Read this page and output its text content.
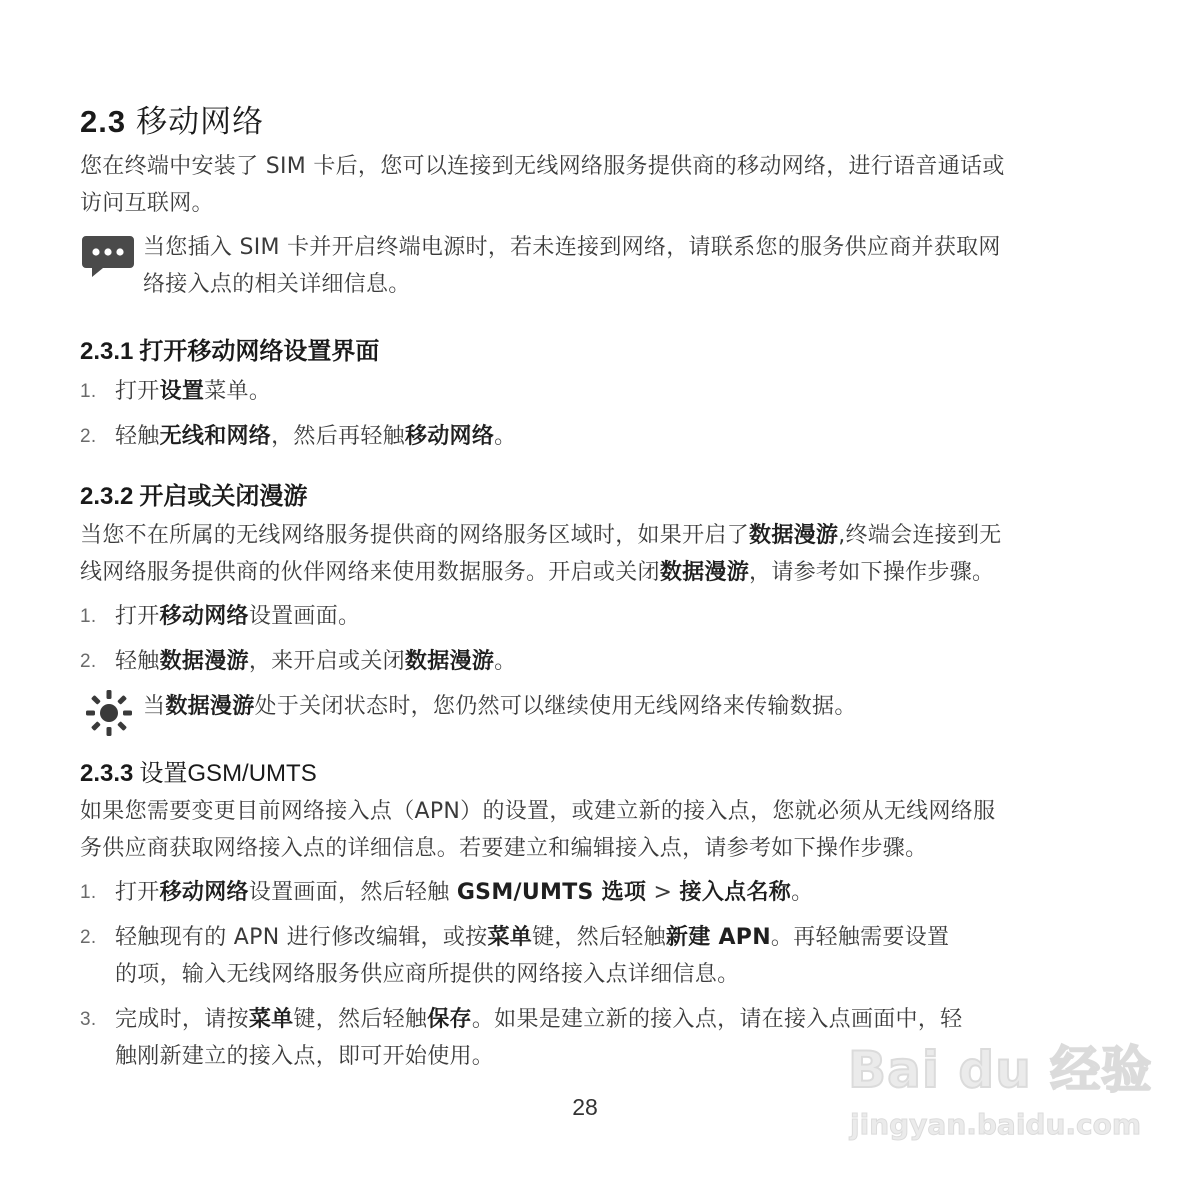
2.3 移动网络

您在终端中安装了 SIM 卡后，您可以连接到无线网络服务提供商的移动网络，进行语音通话或
访问互联网。

当您插入 SIM 卡并开启终端电源时，若未连接到网络，请联系您的服务供应商并获取网
络接入点的相关详细信息。

2.3.1 打开移动网络设置界面
1. 打开设置菜单。
2. 轻触无线和网络，然后再轻触移动网络。
2.3.2 开启或关闭漫游

当您不在所属的无线网络服务提供商的网络服务区域时，如果开启了数据漫游,终端会连接到无
线网络服务提供商的伙伴网络来使用数据服务。开启或关闭数据漫游，请参考如下操作步骤。

1. 打开移动网络设置画面。
2. 轻触数据漫游，来开启或关闭数据漫游。

当数据漫游处于关闭状态时，您仍然可以继续使用无线网络来传输数据。

2.3.3 设置GSM/UMTS

如果您需要变更目前网络接入点（APN）的设置，或建立新的接入点，您就必须从无线网络服
务供应商获取网络接入点的详细信息。若要建立和编辑接入点，请参考如下操作步骤。

1. 打开移动网络设置画面，然后轻触 GSM/UMTS 选项 > 接入点名称。
2. 轻触现有的 APN 进行修改编辑，或按菜单键，然后轻触新建 APN。再轻触需要设置
的项，输入无线网络服务供应商所提供的网络接入点详细信息。
3. 完成时，请按菜单键，然后轻触保存。如果是建立新的接入点，请在接入点画面中，轻
触刚新建立的接入点，即可开始使用。
28
Bai du 经验
jingyan.baidu.com
